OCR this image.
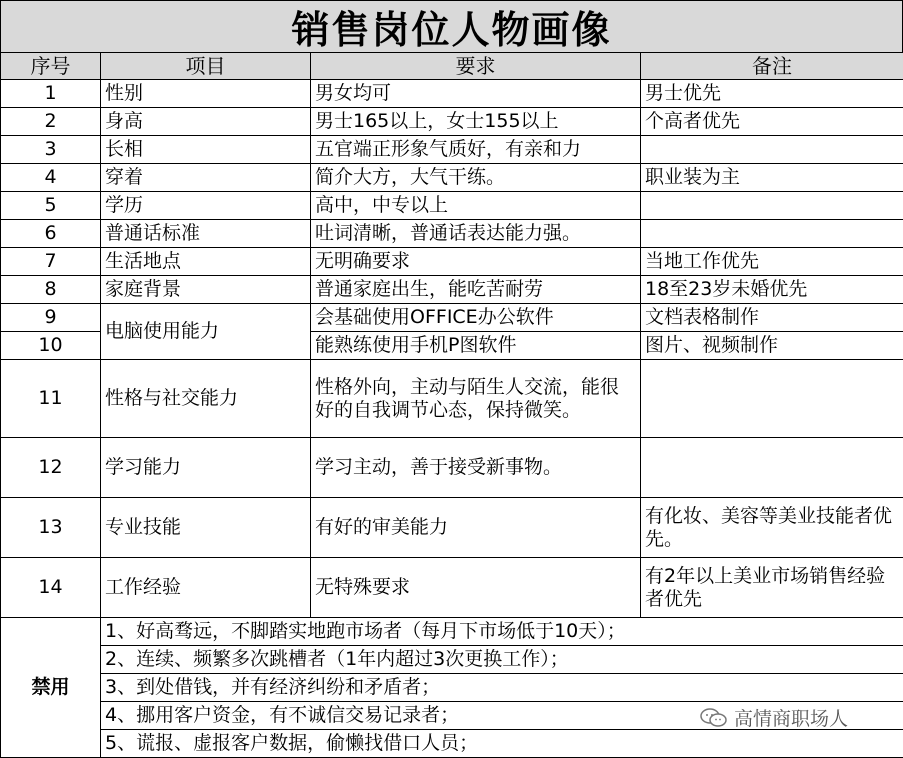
销售岗位人物画像
序号	项目	要求	备注
1	性别	男女均可	男士优先
2	身高	男士165以上，女士155以上	个高者优先
3	长相	五官端正形象气质好，有亲和力	
4	穿着	简介大方，大气干练。	职业装为主
5	学历	高中，中专以上	
6	普通话标准	吐词清晰，普通话表达能力强。	
7	生活地点	无明确要求	当地工作优先
8	家庭背景	普通家庭出生，能吃苦耐劳	18至23岁未婚优先
9	电脑使用能力	会基础使用OFFICE办公软件	文档表格制作
10		能熟练使用手机P图软件	图片、视频制作
11	性格与社交能力	性格外向，主动与陌生人交流，能很好的自我调节心态，保持微笑。	

12	学习能力	学习主动，善于接受新事物。	
13	专业技能	有好的审美能力	有化妆、美容等美业技能者优先。

14	工作经验	无特殊要求	有2年以上美业市场销售经验者优先

禁用	1、好高骛远，不脚踏实地跑市场者（每月下市场低于10天）；		
	2、连续、频繁多次跳槽者（1年内超过3次更换工作）；		
	3、到处借钱，并有经济纠纷和矛盾者；		
	4、挪用客户资金，有不诚信交易记录者；		
	5、谎报、虚报客户数据，偷懒找借口人员；		
高情商职场人
